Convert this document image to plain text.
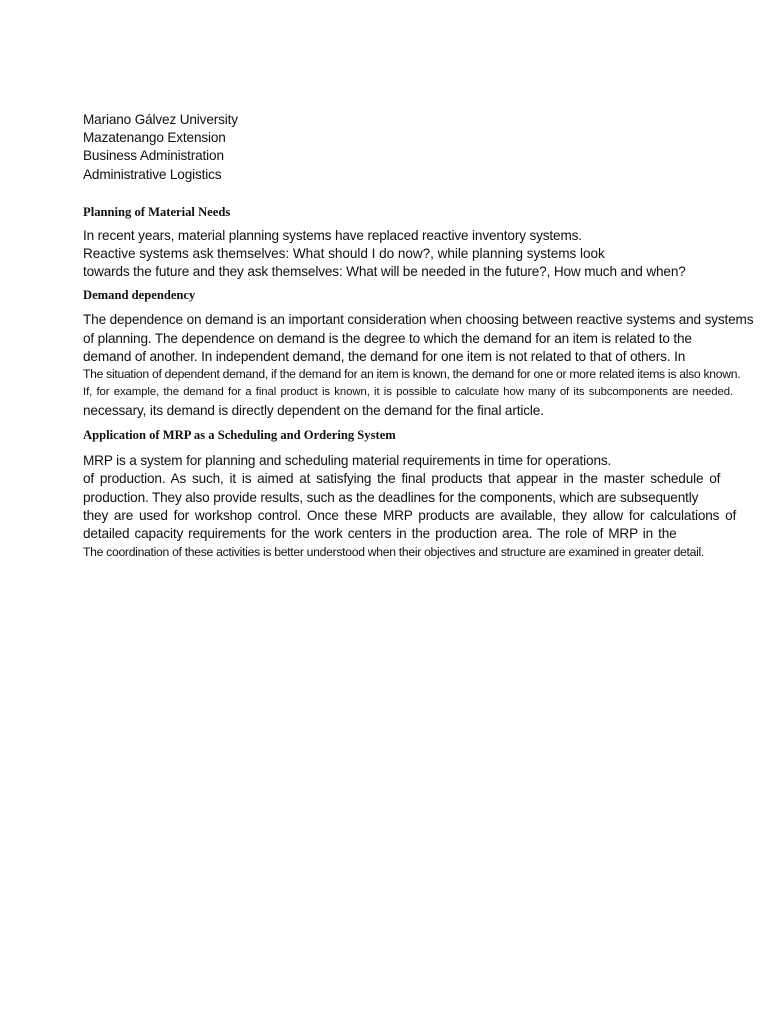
Mariano Gálvez University
Mazatenango Extension
Business Administration
Administrative Logistics
Planning of Material Needs
In recent years, material planning systems have replaced reactive inventory systems.
Reactive systems ask themselves: What should I do now?, while planning systems look
towards the future and they ask themselves: What will be needed in the future?, How much and when?
Demand dependency
The dependence on demand is an important consideration when choosing between reactive systems and systems
of planning. The dependence on demand is the degree to which the demand for an item is related to the
demand of another. In independent demand, the demand for one item is not related to that of others. In
The situation of dependent demand, if the demand for an item is known, the demand for one or more related items is also known.
If, for example, the demand for a final product is known, it is possible to calculate how many of its subcomponents are needed.
necessary, its demand is directly dependent on the demand for the final article.
Application of MRP as a Scheduling and Ordering System
MRP is a system for planning and scheduling material requirements in time for operations.
of production. As such, it is aimed at satisfying the final products that appear in the master schedule of
production. They also provide results, such as the deadlines for the components, which are subsequently
they are used for workshop control. Once these MRP products are available, they allow for calculations of
detailed capacity requirements for the work centers in the production area. The role of MRP in the
The coordination of these activities is better understood when their objectives and structure are examined in greater detail.
